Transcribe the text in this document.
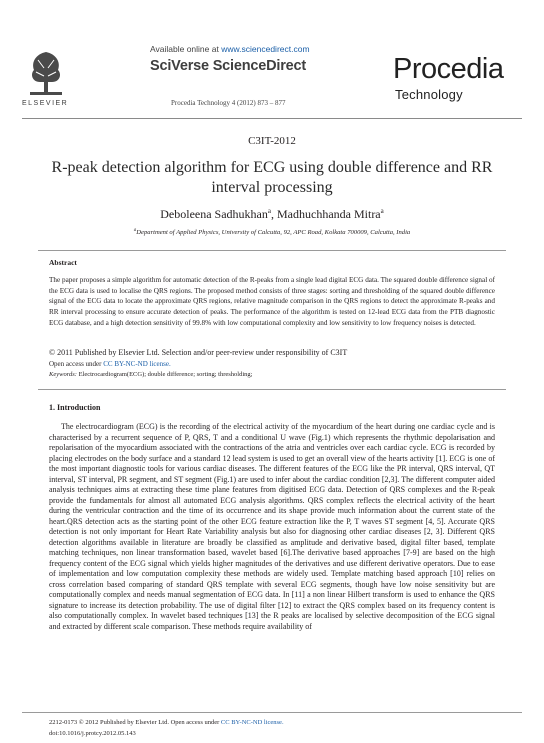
ELSEVIER
Available online at www.sciencedirect.com
SciVerse ScienceDirect
Procedia Technology 4 (2012) 873 – 877
Procedia
Technology
C3IT-2012
R-peak detection algorithm for ECG using double difference and RR interval processing
Deboleena Sadhukhan$^a$, Madhuchhanda Mitra$^a$
$^a$Department of Applied Physics, University of Calcutta, 92, APC Road, Kolkata 700009, Calcutta, India
Abstract
The paper proposes a simple algorithm for automatic detection of the R-peaks from a single lead digital ECG data. The squared double difference signal of the ECG data is used to localise the QRS regions. The proposed method consists of three stages: sorting and thresholding of the squared double difference signal of the ECG data to locate the approximate QRS regions, relative magnitude comparison in the QRS regions to detect the approximate R-peaks and RR interval processing to ensure accurate detection of peaks. The performance of the algorithm is tested on 12-lead ECG data from the PTB diagnostic ECG database, and a high detection sensitivity of 99.8% with low computational complexity and low sensitivity to low frequency noises is detected.
© 2011 Published by Elsevier Ltd. Selection and/or peer-review under responsibility of C3IT
Open access under CC BY-NC-ND license.
Keywords: Electrocardiogram(ECG); double difference; sorting; thresholding;
1. Introduction

The electrocardiogram (ECG) is the recording of the electrical activity of the myocardium of the heart during one cardiac cycle and is characterised by a recurrent sequence of P, QRS, T and a conditional U wave (Fig.1) which represents the rhythmic depolarisation and repolarisation of the myocardium associated with the contractions of the atria and ventricles over each cardiac cycle. ECG is recorded by placing electrodes on the body surface and a standard 12 lead system is used to get an overall view of the hearts activity [1]. ECG is one of the most important diagnostic tools for various cardiac diseases. The different features of the ECG like the PR interval, QRS interval, QT interval, ST interval, PR segment, and ST segment (Fig.1) are used to infer about the cardiac condition [2,3]. The different computer aided analysis techniques aims at extracting these time plane features from digitised ECG data. Detection of QRS complexes and the R-peak provide the fundamentals for almost all automated ECG analysis algorithms. QRS complex reflects the electrical activity of the heart during the ventricular contraction and the time of its occurrence and its shape provide much information about the current state of the heart.QRS detection acts as the starting point of the other ECG feature extraction like the P, T waves ST segment [4, 5]. Accurate QRS detection is not only important for Heart Rate Variability analysis but also for diagnosing other cardiac diseases [2, 3]. Different QRS detection algorithms available in literature are broadly be classified as amplitude and derivative based, digital filter based, template matching techniques, non linear transformation based, wavelet based [6].The derivative based approaches [7-9] are based on the high frequency content of the ECG signal which yields higher magnitudes of the derivatives and use different derivative operators. Due to ease of implementation and low computation complexity these methods are widely used. Template matching based approach [10] relies on cross correlation based comparing of standard QRS template with several ECG segments, though have low noise sensitivity but are computationally complex and needs manual segmentation of ECG data. In [11] a non linear Hilbert transform is used to enhance the QRS signature to increase its detection probability. The use of digital filter [12] to extract the QRS complex based on its frequency content is also computationally complex. In wavelet based techniques [13] the R peaks are localised by selective decomposition of the ECG signal and extracted by different scale comparison. These methods require availability of

2212-0173 © 2012 Published by Elsevier Ltd. Open access under CC BY-NC-ND license.
doi:10.1016/j.protcy.2012.05.143
